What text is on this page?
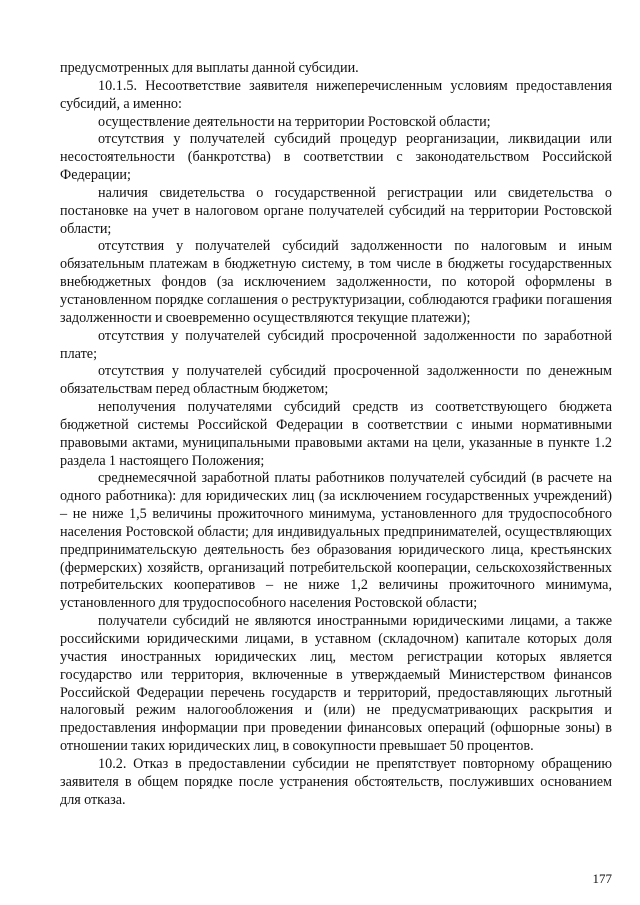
предусмотренных для выплаты данной субсидии.

10.1.5. Несоответствие заявителя нижеперечисленным условиям предоставления субсидий, а именно:

осуществление деятельности на территории Ростовской области;

отсутствия у получателей субсидий процедур реорганизации, ликвидации или несостоятельности (банкротства) в соответствии с законодательством Российской Федерации;

наличия свидетельства о государственной регистрации или свидетельства о постановке на учет в налоговом органе получателей субсидий на территории Ростовской области;

отсутствия у получателей субсидий задолженности по налоговым и иным обязательным платежам в бюджетную систему, в том числе в бюджеты государственных внебюджетных фондов (за исключением задолженности, по которой оформлены в установленном порядке соглашения о реструктуризации, соблюдаются графики погашения задолженности и своевременно осуществляются текущие платежи);

отсутствия у получателей субсидий просроченной задолженности по заработной плате;

отсутствия у получателей субсидий просроченной задолженности по денежным обязательствам перед областным бюджетом;

неполучения получателями субсидий средств из соответствующего бюджета бюджетной системы Российской Федерации в соответствии с иными нормативными правовыми актами, муниципальными правовыми актами на цели, указанные в пункте 1.2 раздела 1 настоящего Положения;

среднемесячной заработной платы работников получателей субсидий (в расчете на одного работника): для юридических лиц (за исключением государственных учреждений) – не ниже 1,5 величины прожиточного минимума, установленного для трудоспособного населения Ростовской области; для индивидуальных предпринимателей, осуществляющих предпринимательскую деятельность без образования юридического лица, крестьянских (фермерских) хозяйств, организаций потребительской кооперации, сельскохозяйственных потребительских кооперативов – не ниже 1,2 величины прожиточного минимума, установленного для трудоспособного населения Ростовской области;

получатели субсидий не являются иностранными юридическими лицами, а также российскими юридическими лицами, в уставном (складочном) капитале которых доля участия иностранных юридических лиц, местом регистрации которых является государство или территория, включенные в утверждаемый Министерством финансов Российской Федерации перечень государств и территорий, предоставляющих льготный налоговый режим налогообложения и (или) не предусматривающих раскрытия и предоставления информации при проведении финансовых операций (офшорные зоны) в отношении таких юридических лиц, в совокупности превышает 50 процентов.

10.2. Отказ в предоставлении субсидии не препятствует повторному обращению заявителя в общем порядке после устранения обстоятельств, послуживших основанием для отказа.

177
